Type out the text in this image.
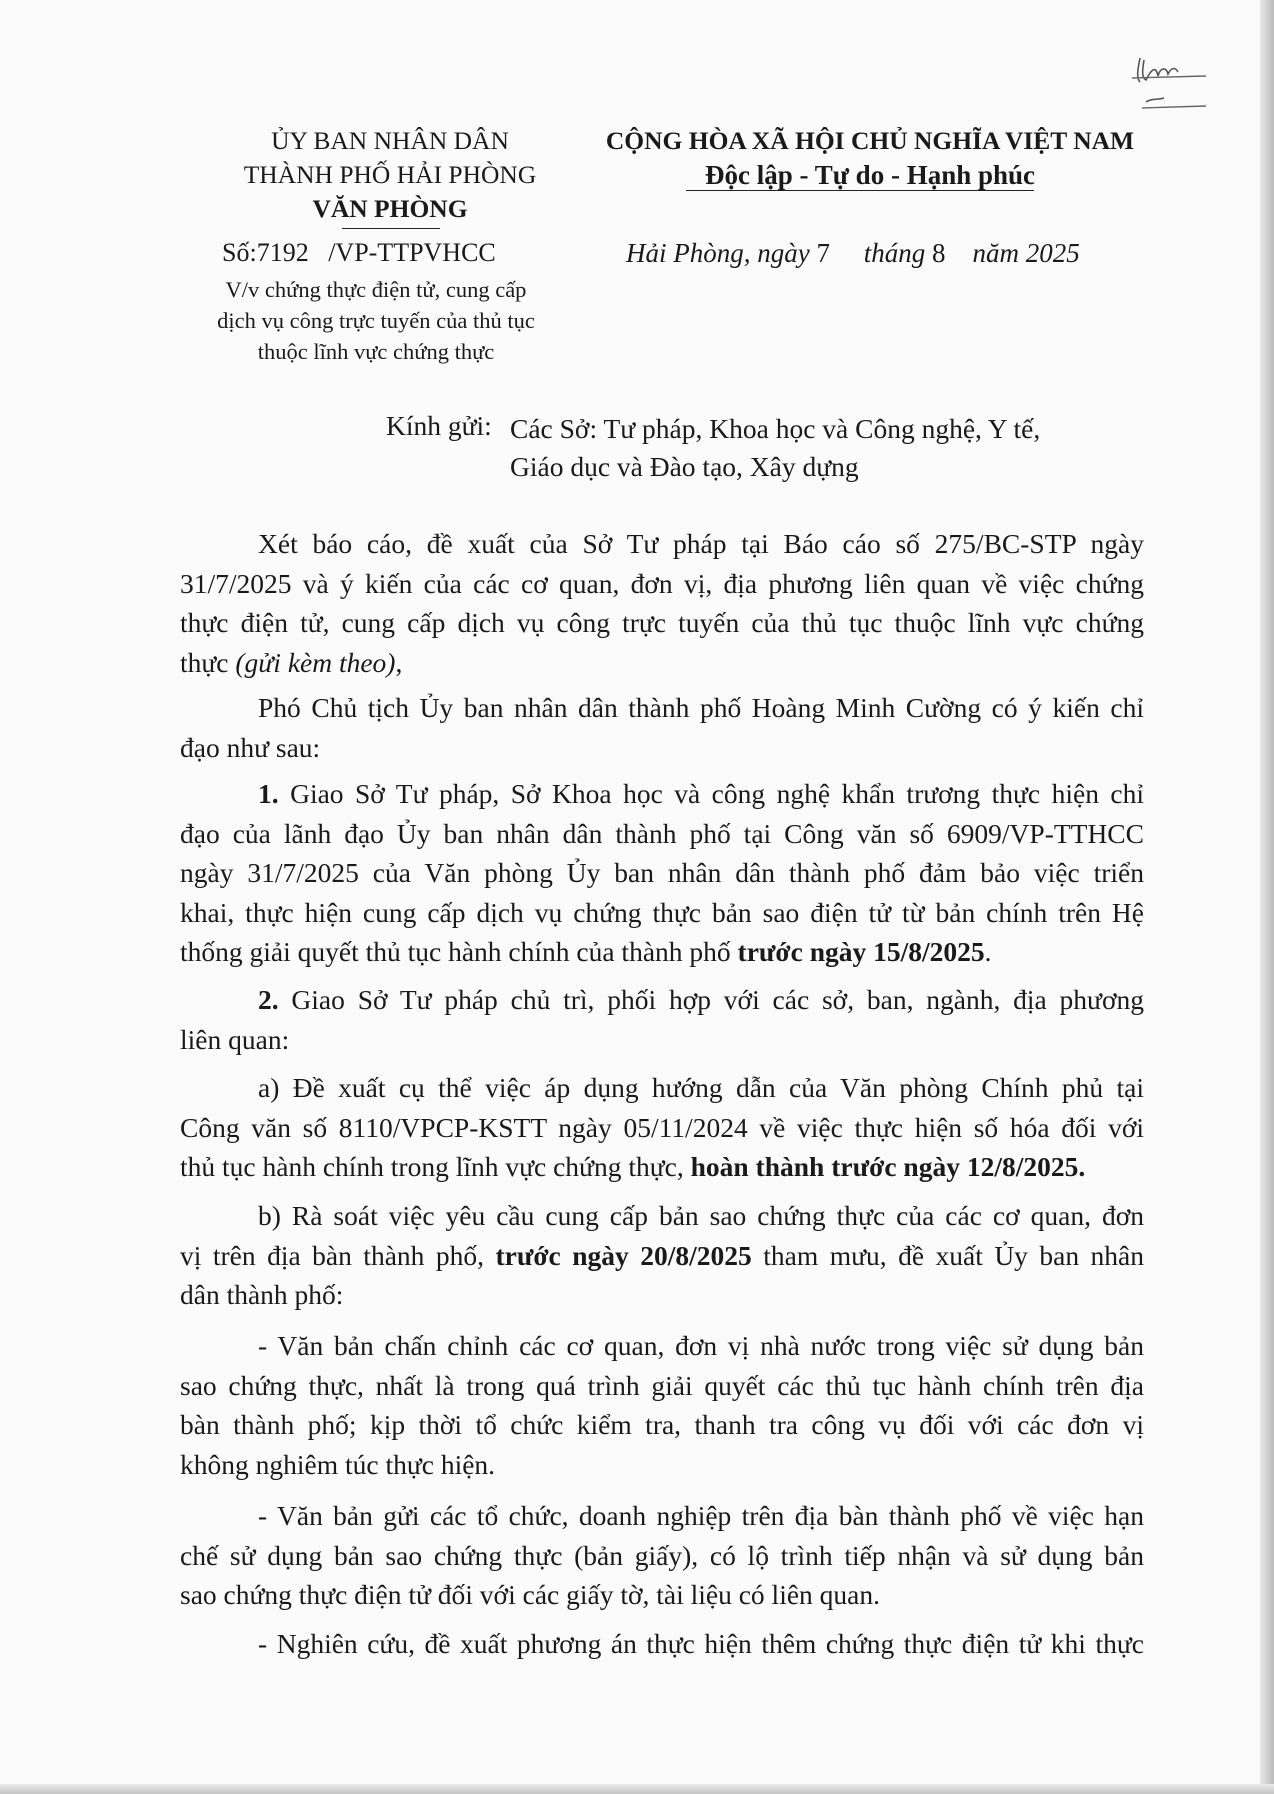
ỦY BAN NHÂN DÂN
THÀNH PHỐ HẢI PHÒNG
VĂN PHÒNG
CỘNG HÒA XÃ HỘI CHỦ NGHĨA VIỆT NAM
Độc lập - Tự do - Hạnh phúc
Số:7192 /VP-TTPVHCC
V/v chứng thực điện tử, cung cấp
dịch vụ công trực tuyến của thủ tục
thuộc lĩnh vực chứng thực
Hải Phòng, ngày 7 tháng 8 năm 2025
Kính gửi: Các Sở: Tư pháp, Khoa học và Công nghệ, Y tế,
Giáo dục và Đào tạo, Xây dựng
Xét báo cáo, đề xuất của Sở Tư pháp tại Báo cáo số 275/BC-STP ngày
31/7/2025 và ý kiến của các cơ quan, đơn vị, địa phương liên quan về việc chứng
thực điện tử, cung cấp dịch vụ công trực tuyến của thủ tục thuộc lĩnh vực chứng
thực (gửi kèm theo),
Phó Chủ tịch Ủy ban nhân dân thành phố Hoàng Minh Cường có ý kiến chỉ
đạo như sau:
1. Giao Sở Tư pháp, Sở Khoa học và công nghệ khẩn trương thực hiện chỉ
đạo của lãnh đạo Ủy ban nhân dân thành phố tại Công văn số 6909/VP-TTHCC
ngày 31/7/2025 của Văn phòng Ủy ban nhân dân thành phố đảm bảo việc triển
khai, thực hiện cung cấp dịch vụ chứng thực bản sao điện tử từ bản chính trên Hệ
thống giải quyết thủ tục hành chính của thành phố trước ngày 15/8/2025.
2. Giao Sở Tư pháp chủ trì, phối hợp với các sở, ban, ngành, địa phương
liên quan:
a) Đề xuất cụ thể việc áp dụng hướng dẫn của Văn phòng Chính phủ tại
Công văn số 8110/VPCP-KSTT ngày 05/11/2024 về việc thực hiện số hóa đối với
thủ tục hành chính trong lĩnh vực chứng thực, hoàn thành trước ngày 12/8/2025.
b) Rà soát việc yêu cầu cung cấp bản sao chứng thực của các cơ quan, đơn
vị trên địa bàn thành phố, trước ngày 20/8/2025 tham mưu, đề xuất Ủy ban nhân
dân thành phố:
- Văn bản chấn chỉnh các cơ quan, đơn vị nhà nước trong việc sử dụng bản
sao chứng thực, nhất là trong quá trình giải quyết các thủ tục hành chính trên địa
bàn thành phố; kịp thời tổ chức kiểm tra, thanh tra công vụ đối với các đơn vị
không nghiêm túc thực hiện.
- Văn bản gửi các tổ chức, doanh nghiệp trên địa bàn thành phố về việc hạn
chế sử dụng bản sao chứng thực (bản giấy), có lộ trình tiếp nhận và sử dụng bản
sao chứng thực điện tử đối với các giấy tờ, tài liệu có liên quan.
- Nghiên cứu, đề xuất phương án thực hiện thêm chứng thực điện tử khi thực
